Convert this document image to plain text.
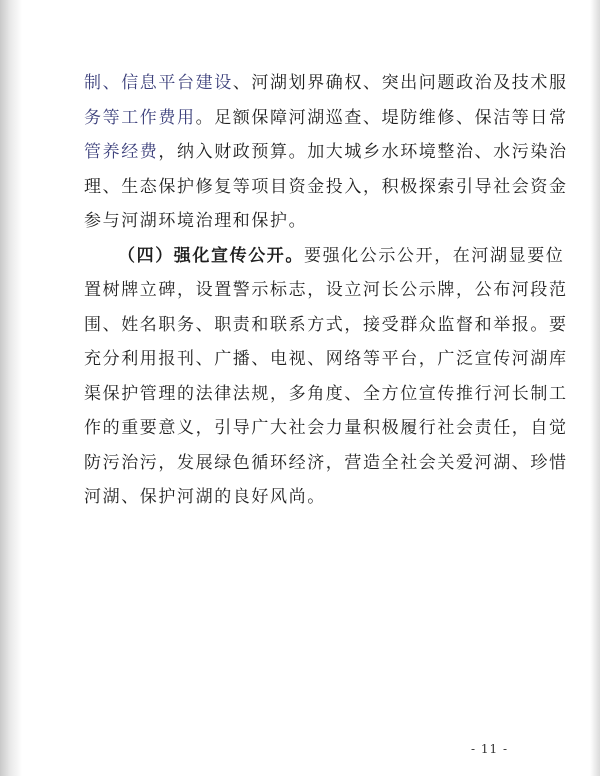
制、信息平台建设、河湖划界确权、突出问题政治及技术服
务等工作费用。足额保障河湖巡查、堤防维修、保洁等日常
管养经费，纳入财政预算。加大城乡水环境整治、水污染治
理、生态保护修复等项目资金投入，积极探索引导社会资金
参与河湖环境治理和保护。
（四）强化宣传公开。要强化公示公开，在河湖显要位
置树牌立碑，设置警示标志，设立河长公示牌，公布河段范
围、姓名职务、职责和联系方式，接受群众监督和举报。要
充分利用报刊、广播、电视、网络等平台，广泛宣传河湖库
渠保护管理的法律法规，多角度、全方位宣传推行河长制工
作的重要意义，引导广大社会力量积极履行社会责任，自觉
防污治污，发展绿色循环经济，营造全社会关爱河湖、珍惜
河湖、保护河湖的良好风尚。
- 11 -
